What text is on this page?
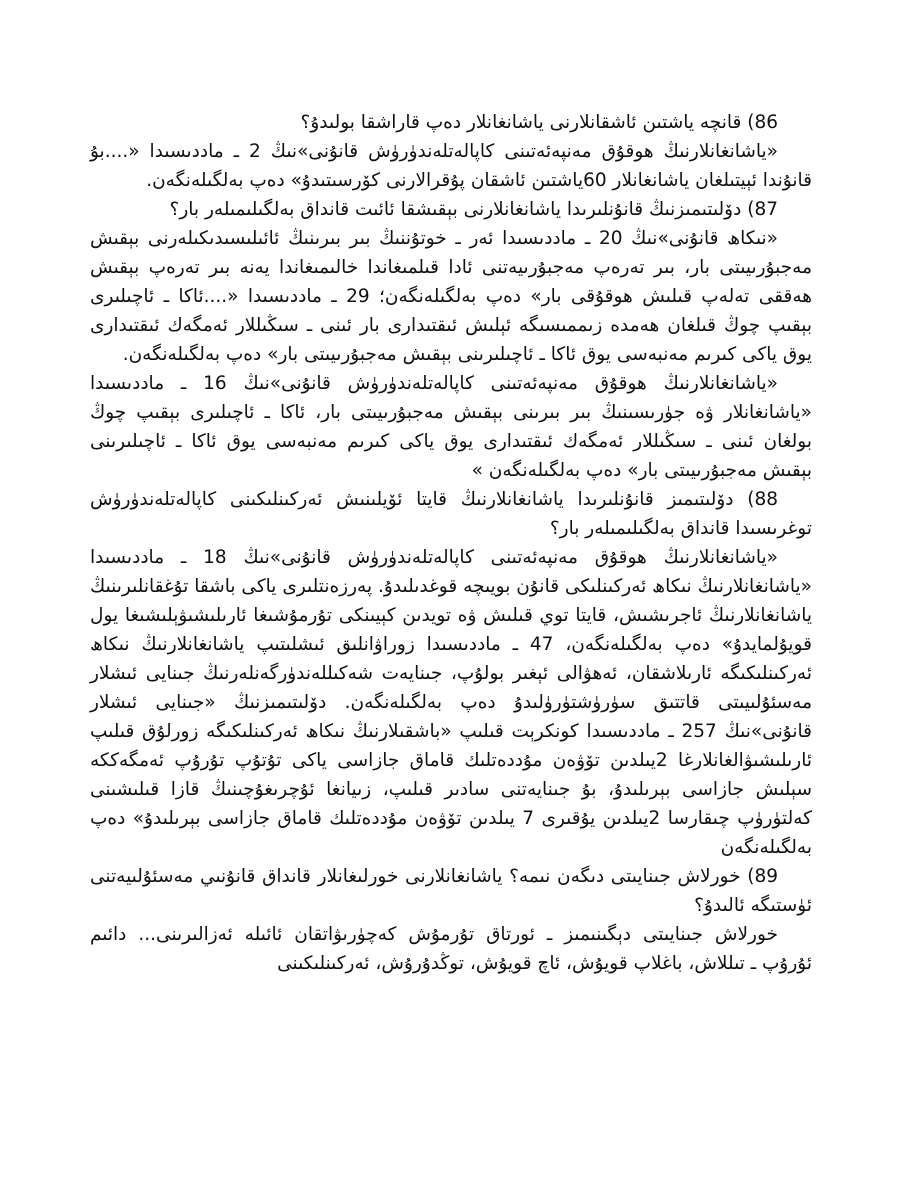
86) قانچە ياشتىن ئاشقانلارنى ياشانغانلار دەپ قاراشقا بولىدۇ؟

«ياشانغانلارنىڭ ھوقۇق مەنپەئەتىنى كاپالەتلەندۈرۈش قانۇنى»نىڭ 2 ـ ماددىسىدا «....بۇ قانۇندا ئېيتىلغان ياشانغانلار 60ياشتىن ئاشقان پۇقرالارنى كۆرسىتىدۇ» دەپ بەلگىلەنگەن.

87) دۆلىتىمىزنىڭ قانۇنلىرىدا ياشانغانلارنى بېقىشقا ئائىت قانداق بەلگىلىمىلەر بار؟

«نىكاھ قانۇنى»نىڭ 20 ـ ماددىسىدا ئەر ـ خوتۇننىڭ بىر بىرىنىڭ ئائىلىسىدىكىلەرنى بېقىش مەجبۇرىيىتى بار، بىر تەرەپ مەجبۇرىيەتنى ئادا قىلمىغاندا خالىمىغاندا يەنە بىر تەرەپ بېقىش ھەققى تەلەپ قىلىش ھوقۇقى بار» دەپ بەلگىلەنگەن؛ 29 ـ ماددىسىدا «....ئاكا ـ ئاچىلىرى بېقىپ چوڭ قىلغان ھەمدە زىممىسىگە ئېلىش ئىقتىدارى بار ئىنى ـ سىڭىللار ئەمگەك ئىقتىدارى يوق ياكى كىرىم مەنبەسى يوق ئاكا ـ ئاچىلىرىنى بېقىش مەجبۇرىيىتى بار» دەپ بەلگىلەنگەن.

«ياشانغانلارنىڭ ھوقۇق مەنپەئەتىنى كاپالەتلەندۈرۈش قانۇنى»نىڭ 16 ـ ماددىسىدا «ياشانغانلار ۋە جۈرىسىنىڭ بىر بىرىنى بېقىش مەجبۇرىيىتى بار، ئاكا ـ ئاچىلىرى بېقىپ چوڭ بولغان ئىنى ـ سىڭىللار ئەمگەك ئىقتىدارى يوق ياكى كىرىم مەنبەسى يوق ئاكا ـ ئاچىلىرىنى بېقىش مەجبۇرىيىتى بار» دەپ بەلگىلەنگەن »

88) دۆلىتىمىز قانۇنلىرىدا ياشانغانلارنىڭ قايتا ئۆيلىنىش ئەركىنلىكىنى كاپالەتلەندۈرۈش توغرىسىدا قانداق بەلگىلىمىلەر بار؟

«ياشانغانلارنىڭ ھوقۇق مەنپەئەتىنى كاپالەتلەندۈرۈش قانۇنى»نىڭ 18 ـ ماددىسىدا «ياشانغانلارنىڭ نىكاھ ئەركىنلىكى قانۇن بويىچە قوغدىلىدۇ. پەرزەنتلىرى ياكى باشقا تۇغقانلىرىنىڭ ياشانغانلارنىڭ ئاجرىشىش، قايتا توي قىلىش ۋە تويدىن كېيىنكى تۇرمۇشىغا ئارىلىشىۋېلىشىغا يول قويۇلمايدۇ» دەپ بەلگىلەنگەن، 47 ـ ماددىسىدا زوراۋانلىق ئىشلىتىپ ياشانغانلارنىڭ نىكاھ ئەركىنلىكىگە ئارىلاشقان، ئەھۋالى ئېغىر بولۇپ، جىنايەت شەكىللەندۈرگەنلەرنىڭ جىنايى ئىشلار مەسئۇلىيىتى قاتتىق سۈرۈشتۈرۈلىدۇ دەپ بەلگىلەنگەن. دۆلىتىمىزنىڭ «جىنايى ئىشلار قانۇنى»نىڭ 257 ـ ماددىسىدا كونكرېت قىلىپ «باشقىلارنىڭ نىكاھ ئەركىنلىكىگە زورلۇق قىلىپ ئارىلىشىۋالغانلارغا 2يىلدىن تۆۋەن مۇددەتلىك قاماق جازاسى ياكى تۇتۇپ تۇرۇپ ئەمگەككە سېلىش جازاسى بېرىلىدۇ، بۇ جىنايەتنى سادىر قىلىپ، زىيانغا ئۇچرىغۇچىنىڭ قازا قىلىشىنى كەلتۈرۈپ چىقارسا 2يىلدىن يۇقىرى 7 يىلدىن تۆۋەن مۇددەتلىك قاماق جازاسى بېرىلىدۇ» دەپ بەلگىلەنگەن

89) خورلاش جىنايىتى دىگەن نىمە؟ ياشانغانلارنى خورلىغانلار قانداق قانۇنىي مەسئۇلىيەتنى ئۈستىگە ئالىدۇ؟

خورلاش جىنايىتى دېگىنىمىز ـ ئورتاق تۇرمۇش كەچۈرىۋاتقان ئائىلە ئەزالىرىنى... دائىم ئۇرۇپ ـ تىللاش، باغلاپ قويۇش، ئاچ قويۇش، توڭدۇرۇش، ئەركىنلىكىنى
